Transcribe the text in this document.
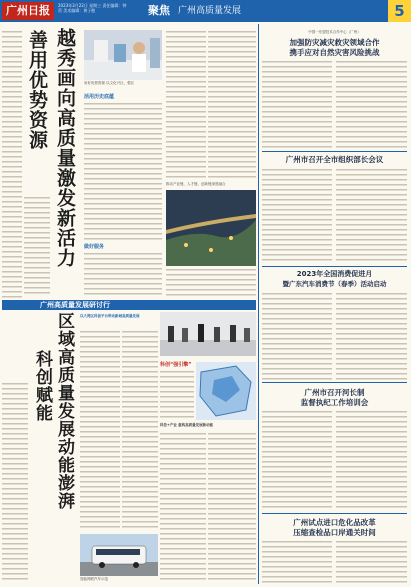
广州日报	2023年3月22日 星期三 责任编辑：钟蓓 美术编辑：黄子懿	聚焦 广州高质量发展	5
善用优势资源 越秀画向高质量激发新活力	用好优势资源 以文化兴区、强区
活用历史底蕴
做好服务
推动产业链、人才链、创新链深度融合
广州高质量发展研讨行
科创赋能 区域高质量发展动能澎湃	以大湾区科创平台带动新城高质量发展
科创“强引擎”
科技+产业 重构高质量发展新动能
智能网联汽车示范
中国一东盟技术合作中心（广州）
加强防灾减灾救灾领域合作
携手应对自然灾害风险挑战
广州市召开全市组织部长会议
2023年全国消费促进月
暨广东汽车消费节（春季）活动启动
广州市召开河长制
监督执纪工作培训会
广州试点进口危化品改革
压缩查检品口岸通关时间
